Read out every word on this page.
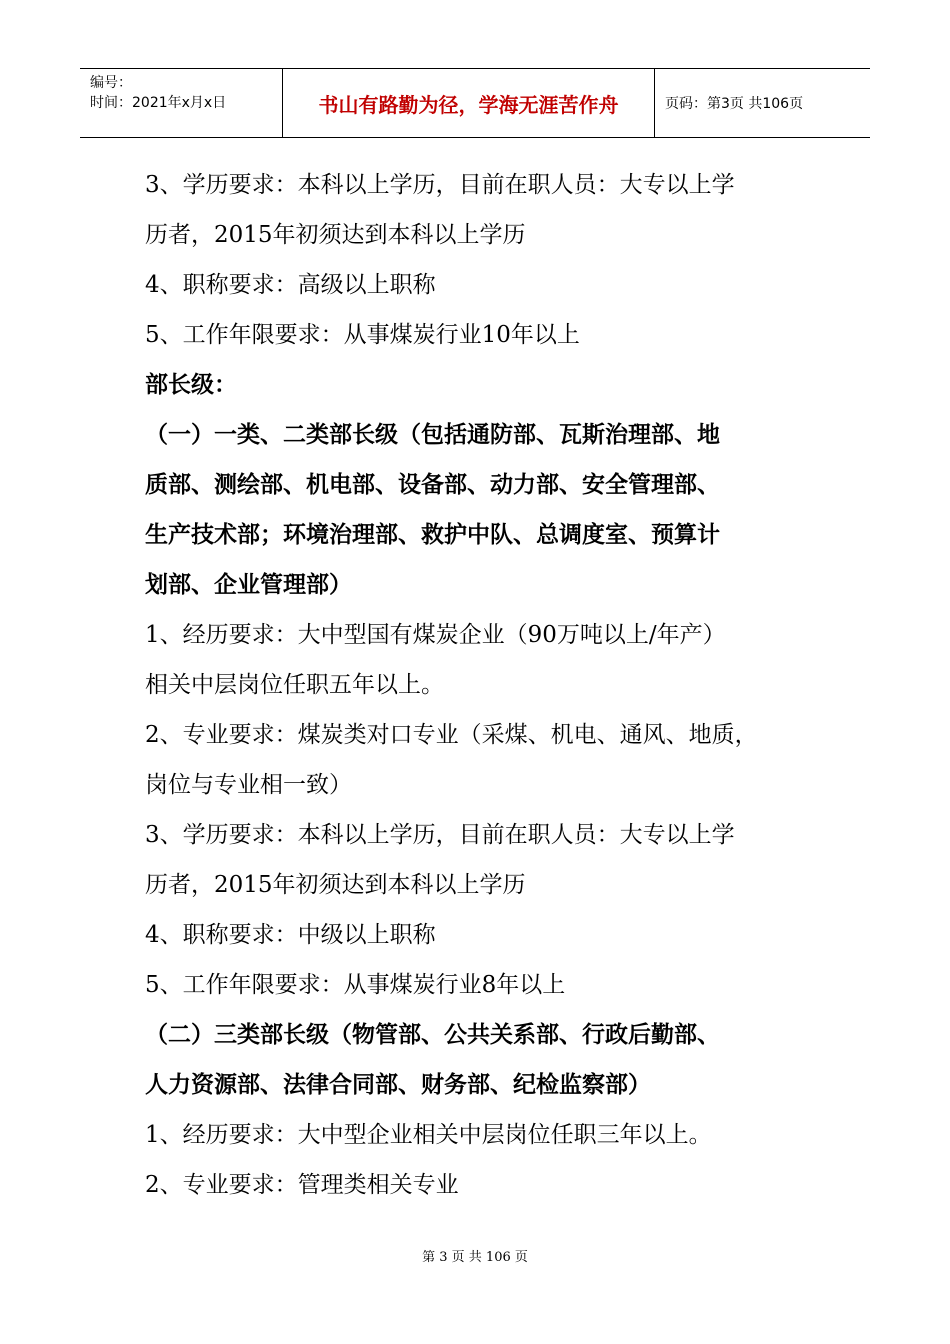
编号：
时间：2021年x月x日	书山有路勤为径，学海无涯苦作舟	页码：第3页 共106页
3、学历要求：本科以上学历，目前在职人员：大专以上学
历者，2015年初须达到本科以上学历
4、职称要求：高级以上职称
5、工作年限要求：从事煤炭行业10年以上
部长级：
（一）一类、二类部长级（包括通防部、瓦斯治理部、地
质部、测绘部、机电部、设备部、动力部、安全管理部、
生产技术部；环境治理部、救护中队、总调度室、预算计
划部、企业管理部）
1、经历要求：大中型国有煤炭企业（90万吨以上/年产）
相关中层岗位任职五年以上。
2、专业要求：煤炭类对口专业（采煤、机电、通风、地质，
岗位与专业相一致）
3、学历要求：本科以上学历，目前在职人员：大专以上学
历者，2015年初须达到本科以上学历
4、职称要求：中级以上职称
5、工作年限要求：从事煤炭行业8年以上
（二）三类部长级（物管部、公共关系部、行政后勤部、
人力资源部、法律合同部、财务部、纪检监察部）
1、经历要求：大中型企业相关中层岗位任职三年以上。
2、专业要求：管理类相关专业
第 3 页 共 106 页
